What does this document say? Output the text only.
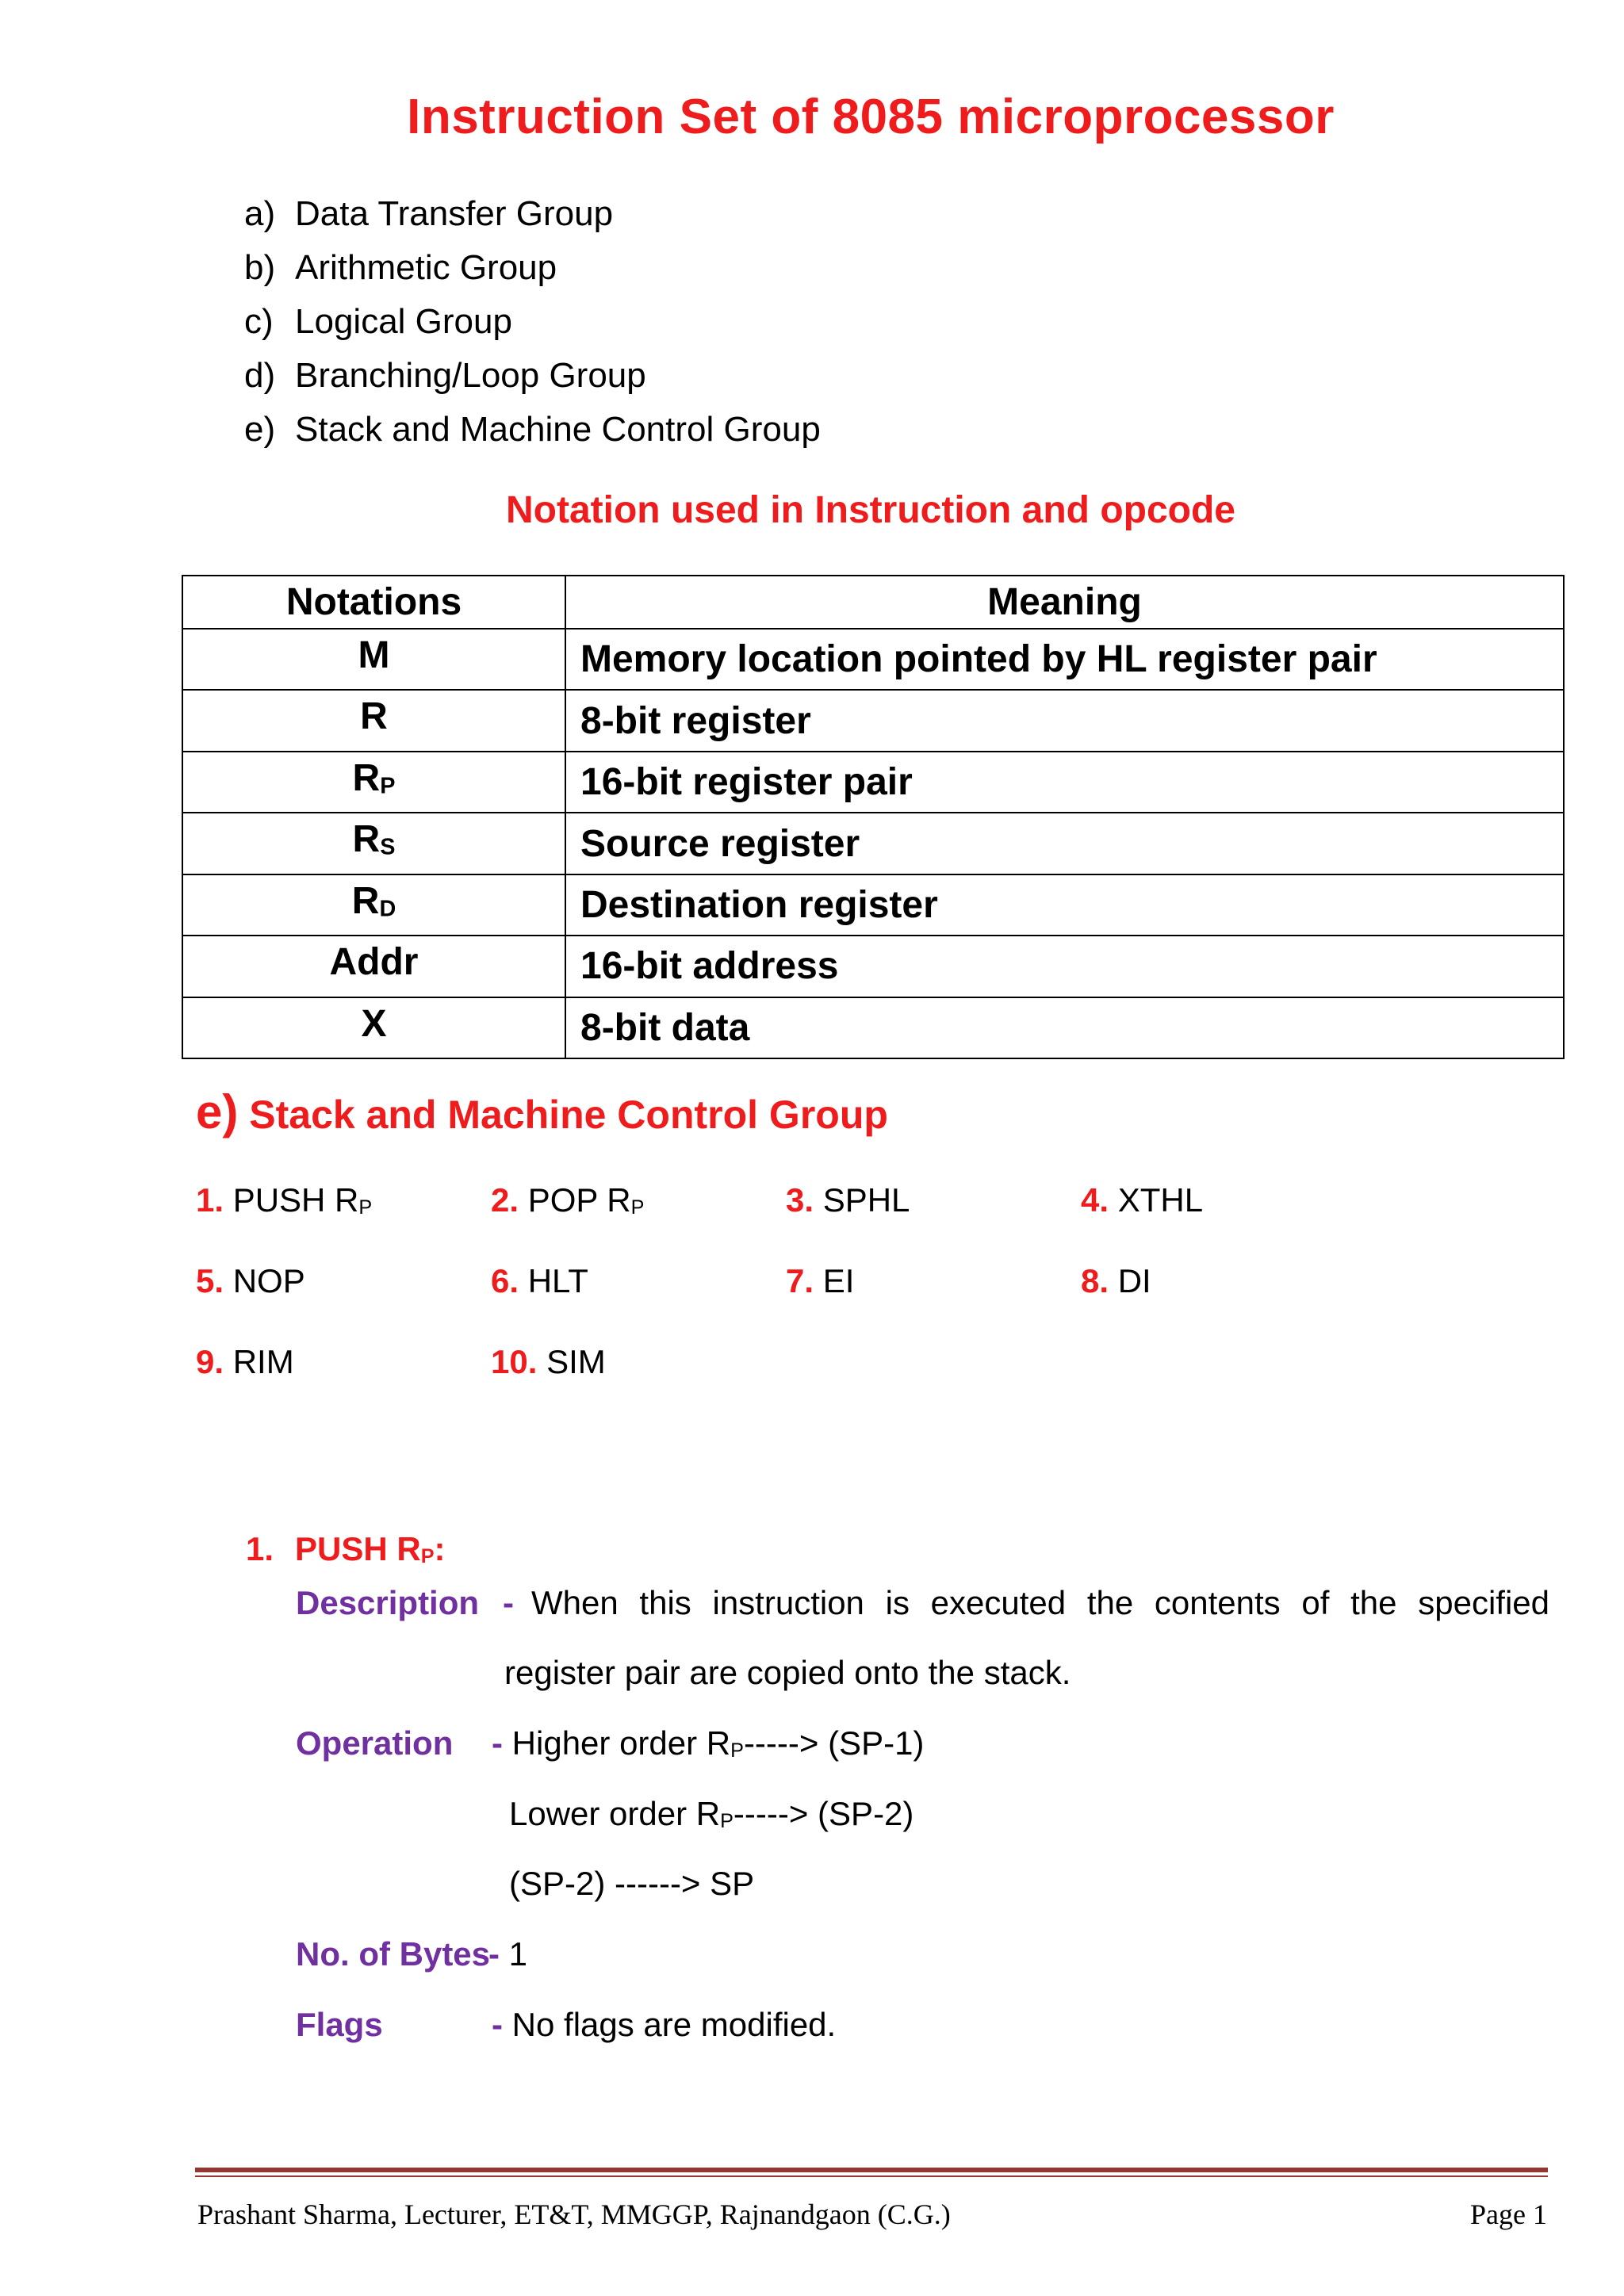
Instruction Set of 8085 microprocessor
a) Data Transfer Group
b) Arithmetic Group
c) Logical Group
d) Branching/Loop Group
e) Stack and Machine Control Group
Notation used in Instruction and opcode
Notations	Meaning
M	Memory location pointed by HL register pair
R	8-bit register
$R_P$	16-bit register pair
$R_S$	Source register
$R_D$	Destination register
Addr	16-bit address
X	8-bit data
e) Stack and Machine Control Group
1. PUSH $R_P$	2. POP $R_P$	3. SPHL	4. XTHL
5. NOP	6. HLT	7. EI	8. DI
9. RIM	10. SIM
1. PUSH $R_P$:
Description - When this instruction is executed the contents of the specified
register pair are copied onto the stack.
Operation - Higher order $R_P-----> (SP-1)$
Lower order $R_P-----> (SP-2)$
(SP-2) ------> SP
No. of Bytes
- 1
Flags	- No flags are modified.
Prashant Sharma, Lecturer, ET&T, MMGGP, Rajnandgaon (C.G.)	Page 1
